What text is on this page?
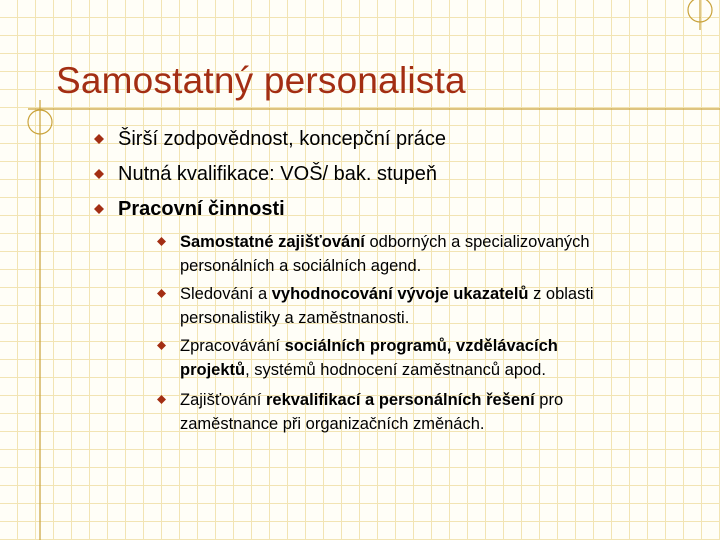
Samostatný personalista
Širší zodpovědnost, koncepční práce
Nutná kvalifikace: VOŠ/ bak. stupeň
Pracovní činnosti
Samostatné zajišťování odborných a specializovaných
personálních a sociálních agend.
Sledování a vyhodnocování vývoje ukazatelů z oblasti
personalistiky a zaměstnanosti.
Zpracovávání sociálních programů, vzdělávacích
projektů, systémů hodnocení zaměstnanců apod.
Zajišťování rekvalifikací a personálních řešení pro
zaměstnance při organizačních změnách.
